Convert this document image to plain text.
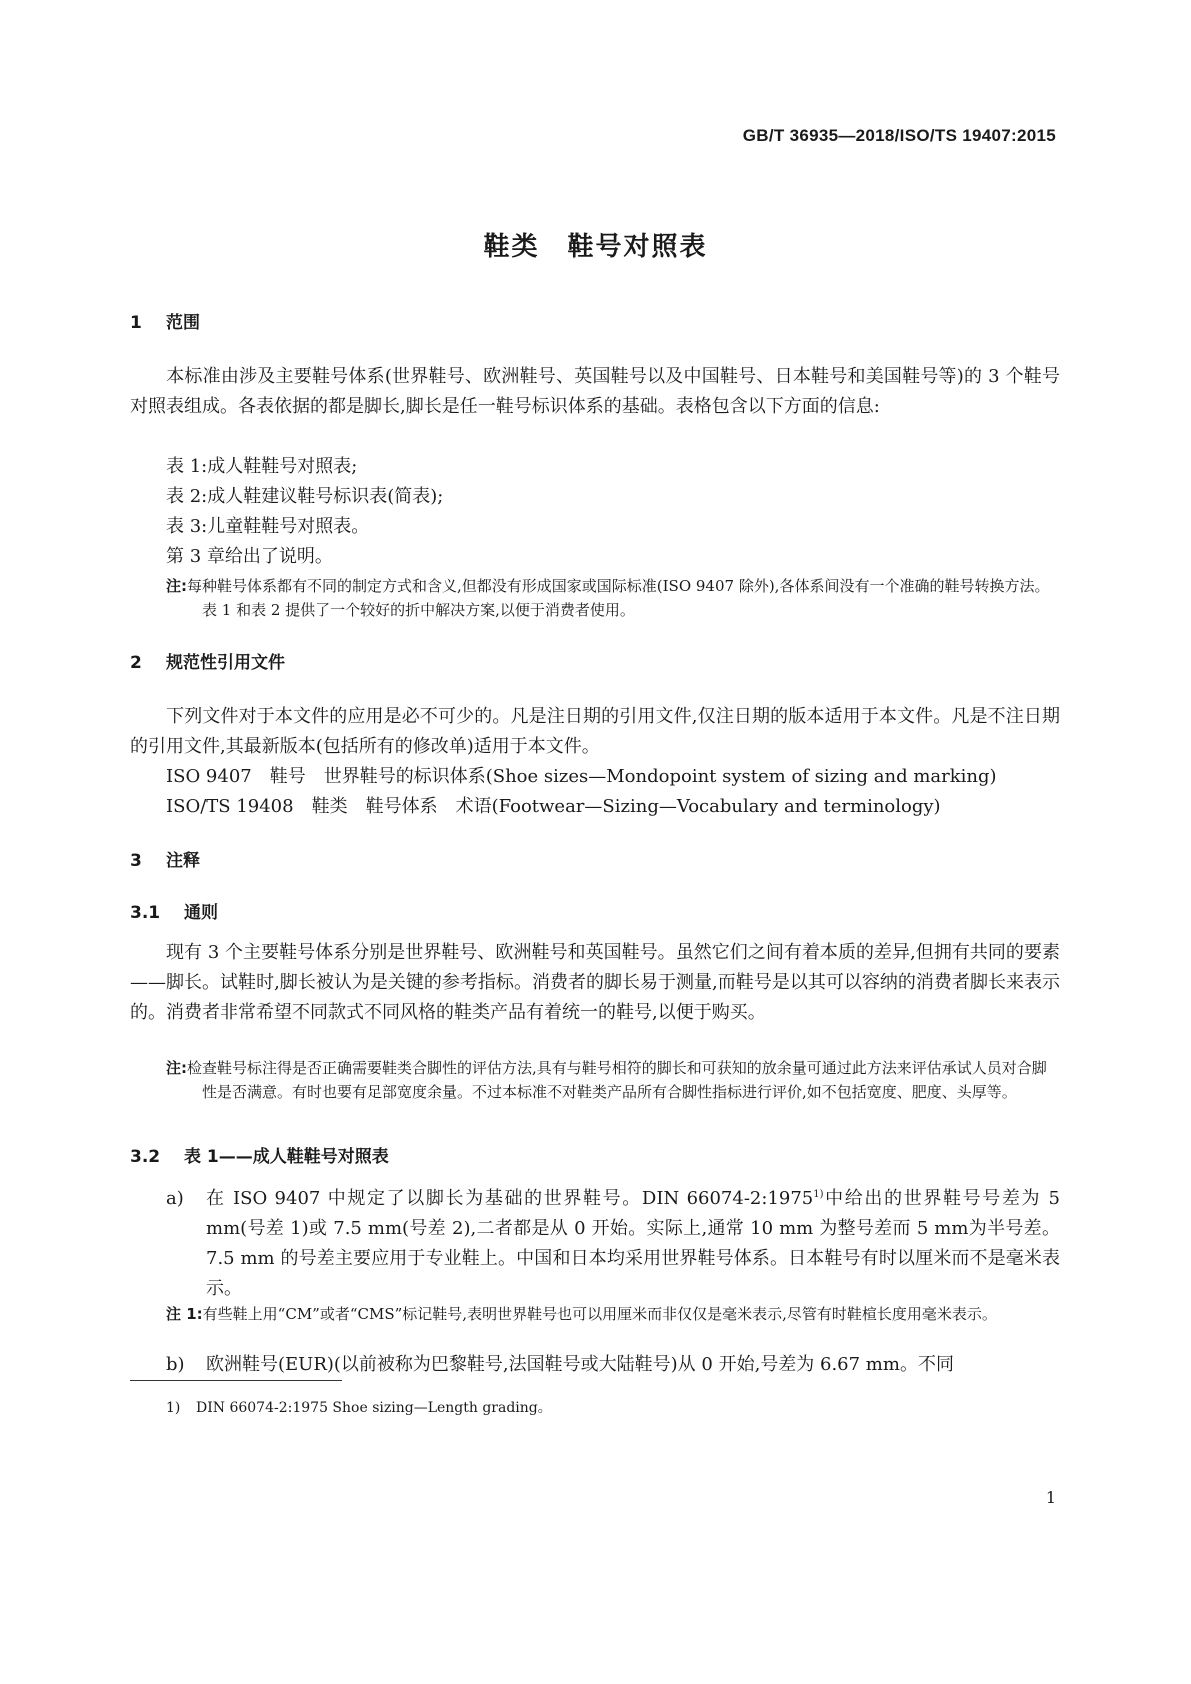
GB/T 36935—2018/ISO/TS 19407:2015
鞋类　鞋号对照表
1 范围
本标准由涉及主要鞋号体系(世界鞋号、欧洲鞋号、英国鞋号以及中国鞋号、日本鞋号和美国鞋号等)的 3 个鞋号对照表组成。各表依据的都是脚长,脚长是任一鞋号标识体系的基础。表格包含以下方面的信息:
表 1:成人鞋鞋号对照表;
表 2:成人鞋建议鞋号标识表(简表);
表 3:儿童鞋鞋号对照表。
第 3 章给出了说明。
注:每种鞋号体系都有不同的制定方式和含义,但都没有形成国家或国际标准(ISO 9407 除外),各体系间没有一个准确的鞋号转换方法。表 1 和表 2 提供了一个较好的折中解决方案,以便于消费者使用。
2 规范性引用文件
下列文件对于本文件的应用是必不可少的。凡是注日期的引用文件,仅注日期的版本适用于本文件。凡是不注日期的引用文件,其最新版本(包括所有的修改单)适用于本文件。
ISO 9407　鞋号　世界鞋号的标识体系(Shoe sizes—Mondopoint system of sizing and marking)
ISO/TS 19408　鞋类　鞋号体系　术语(Footwear—Sizing—Vocabulary and terminology)
3 注释
3.1 通则
现有 3 个主要鞋号体系分别是世界鞋号、欧洲鞋号和英国鞋号。虽然它们之间有着本质的差异,但拥有共同的要素——脚长。试鞋时,脚长被认为是关键的参考指标。消费者的脚长易于测量,而鞋号是以其可以容纳的消费者脚长来表示的。消费者非常希望不同款式不同风格的鞋类产品有着统一的鞋号,以便于购买。
注:检查鞋号标注得是否正确需要鞋类合脚性的评估方法,具有与鞋号相符的脚长和可获知的放余量可通过此方法来评估承试人员对合脚性是否满意。有时也要有足部宽度余量。不过本标准不对鞋类产品所有合脚性指标进行评价,如不包括宽度、肥度、头厚等。
3.2 表 1——成人鞋鞋号对照表
a)	在 ISO 9407 中规定了以脚长为基础的世界鞋号。DIN 66074-2:1975$^{1)}$中给出的世界鞋号号差为 5 mm(号差 1)或 7.5 mm(号差 2),二者都是从 0 开始。实际上,通常 10 mm 为整号差而 5 mm为半号差。7.5 mm 的号差主要应用于专业鞋上。中国和日本均采用世界鞋号体系。日本鞋号有时以厘米而不是毫米表示。
注 1:有些鞋上用“CM”或者“CMS”标记鞋号,表明世界鞋号也可以用厘米而非仅仅是毫米表示,尽管有时鞋楦长度用毫米表示。
b)	欧洲鞋号(EUR)(以前被称为巴黎鞋号,法国鞋号或大陆鞋号)从 0 开始,号差为 6.67 mm。不同
1) DIN 66074-2:1975 Shoe sizing—Length grading。
1
